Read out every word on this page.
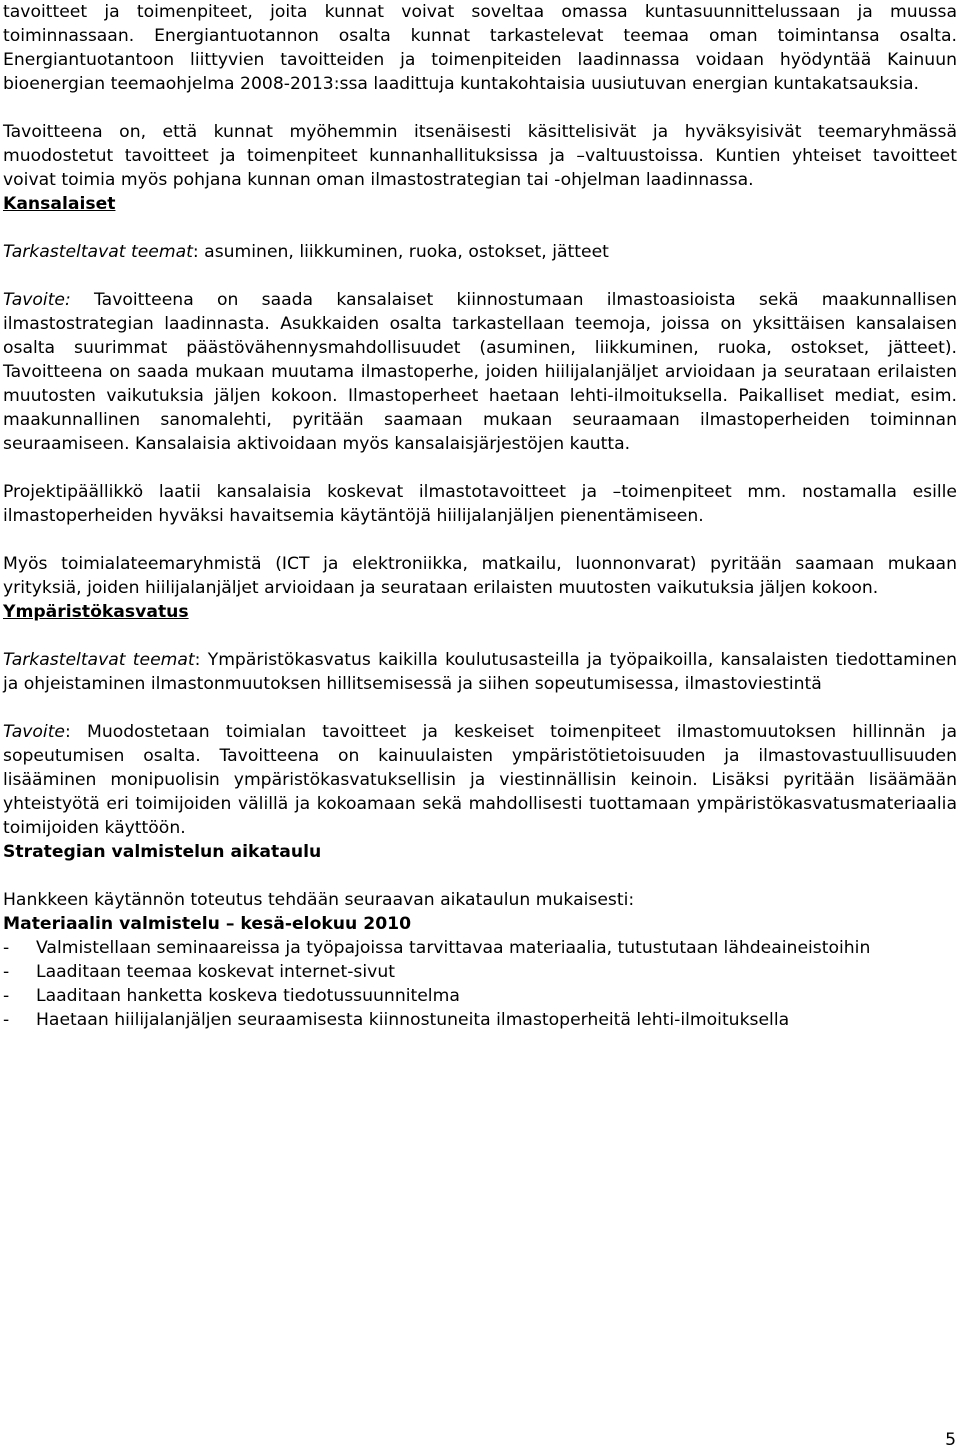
tavoitteet ja toimenpiteet, joita kunnat voivat soveltaa omassa kuntasuunnittelussaan ja muussa toiminnassaan. Energiantuotannon osalta kunnat tarkastelevat teemaa oman toimintansa osalta. Energiantuotantoon liittyvien tavoitteiden ja toimenpiteiden laadinnassa voidaan hyödyntää Kainuun bioenergian teemaohjelma 2008-2013:ssa laadittuja kuntakohtaisia uusiutuvan energian kuntakatsauksia.

Tavoitteena on, että kunnat myöhemmin itsenäisesti käsittelisivät ja hyväksyisivät teemaryhmässä muodostetut tavoitteet ja toimenpiteet kunnanhallituksissa ja –valtuustoissa. Kuntien yhteiset tavoitteet voivat toimia myös pohjana kunnan oman ilmastostrategian tai -ohjelman laadinnassa.

Kansalaiset

Tarkasteltavat teemat: asuminen, liikkuminen, ruoka, ostokset, jätteet

Tavoite: Tavoitteena on saada kansalaiset kiinnostumaan ilmastoasioista sekä maakunnallisen ilmastostrategian laadinnasta. Asukkaiden osalta tarkastellaan teemoja, joissa on yksittäisen kansalaisen osalta suurimmat päästövähennysmahdollisuudet (asuminen, liikkuminen, ruoka, ostokset, jätteet). Tavoitteena on saada mukaan muutama ilmastoperhe, joiden hiilijalanjäljet arvioidaan ja seurataan erilaisten muutosten vaikutuksia jäljen kokoon. Ilmastoperheet haetaan lehti-ilmoituksella. Paikalliset mediat, esim. maakunnallinen sanomalehti, pyritään saamaan mukaan seuraamaan ilmastoperheiden toiminnan seuraamiseen. Kansalaisia aktivoidaan myös kansalaisjärjestöjen kautta.

Projektipäällikkö laatii kansalaisia koskevat ilmastotavoitteet ja –toimenpiteet mm. nostamalla esille ilmastoperheiden hyväksi havaitsemia käytäntöjä hiilijalanjäljen pienentämiseen.

Myös toimialateemaryhmistä (ICT ja elektroniikka, matkailu, luonnonvarat) pyritään saamaan mukaan yrityksiä, joiden hiilijalanjäljet arvioidaan ja seurataan erilaisten muutosten vaikutuksia jäljen kokoon.

Ympäristökasvatus

Tarkasteltavat teemat: Ympäristökasvatus kaikilla koulutusasteilla ja työpaikoilla, kansalaisten tiedottaminen ja ohjeistaminen ilmastonmuutoksen hillitsemisessä ja siihen sopeutumisessa, ilmastoviestintä

Tavoite: Muodostetaan toimialan tavoitteet ja keskeiset toimenpiteet ilmastomuutoksen hillinnän ja sopeutumisen osalta. Tavoitteena on kainuulaisten ympäristötietoisuuden ja ilmastovastuullisuuden lisääminen monipuolisin ympäristökasvatuksellisin ja viestinnällisin keinoin. Lisäksi pyritään lisäämään yhteistyötä eri toimijoiden välillä ja kokoamaan sekä mahdollisesti tuottamaan ympäristökasvatusmateriaalia toimijoiden käyttöön.

Strategian valmistelun aikataulu

Hankkeen käytännön toteutus tehdään seuraavan aikataulun mukaisesti:

Materiaalin valmistelu – kesä-elokuu 2010

- Valmistellaan seminaareissa ja työpajoissa tarvittavaa materiaalia, tutustutaan lähdeaineistoihin
- Laaditaan teemaa koskevat internet-sivut
- Laaditaan hanketta koskeva tiedotussuunnitelma
- Haetaan hiilijalanjäljen seuraamisesta kiinnostuneita ilmastoperheitä lehti-ilmoituksella
5
